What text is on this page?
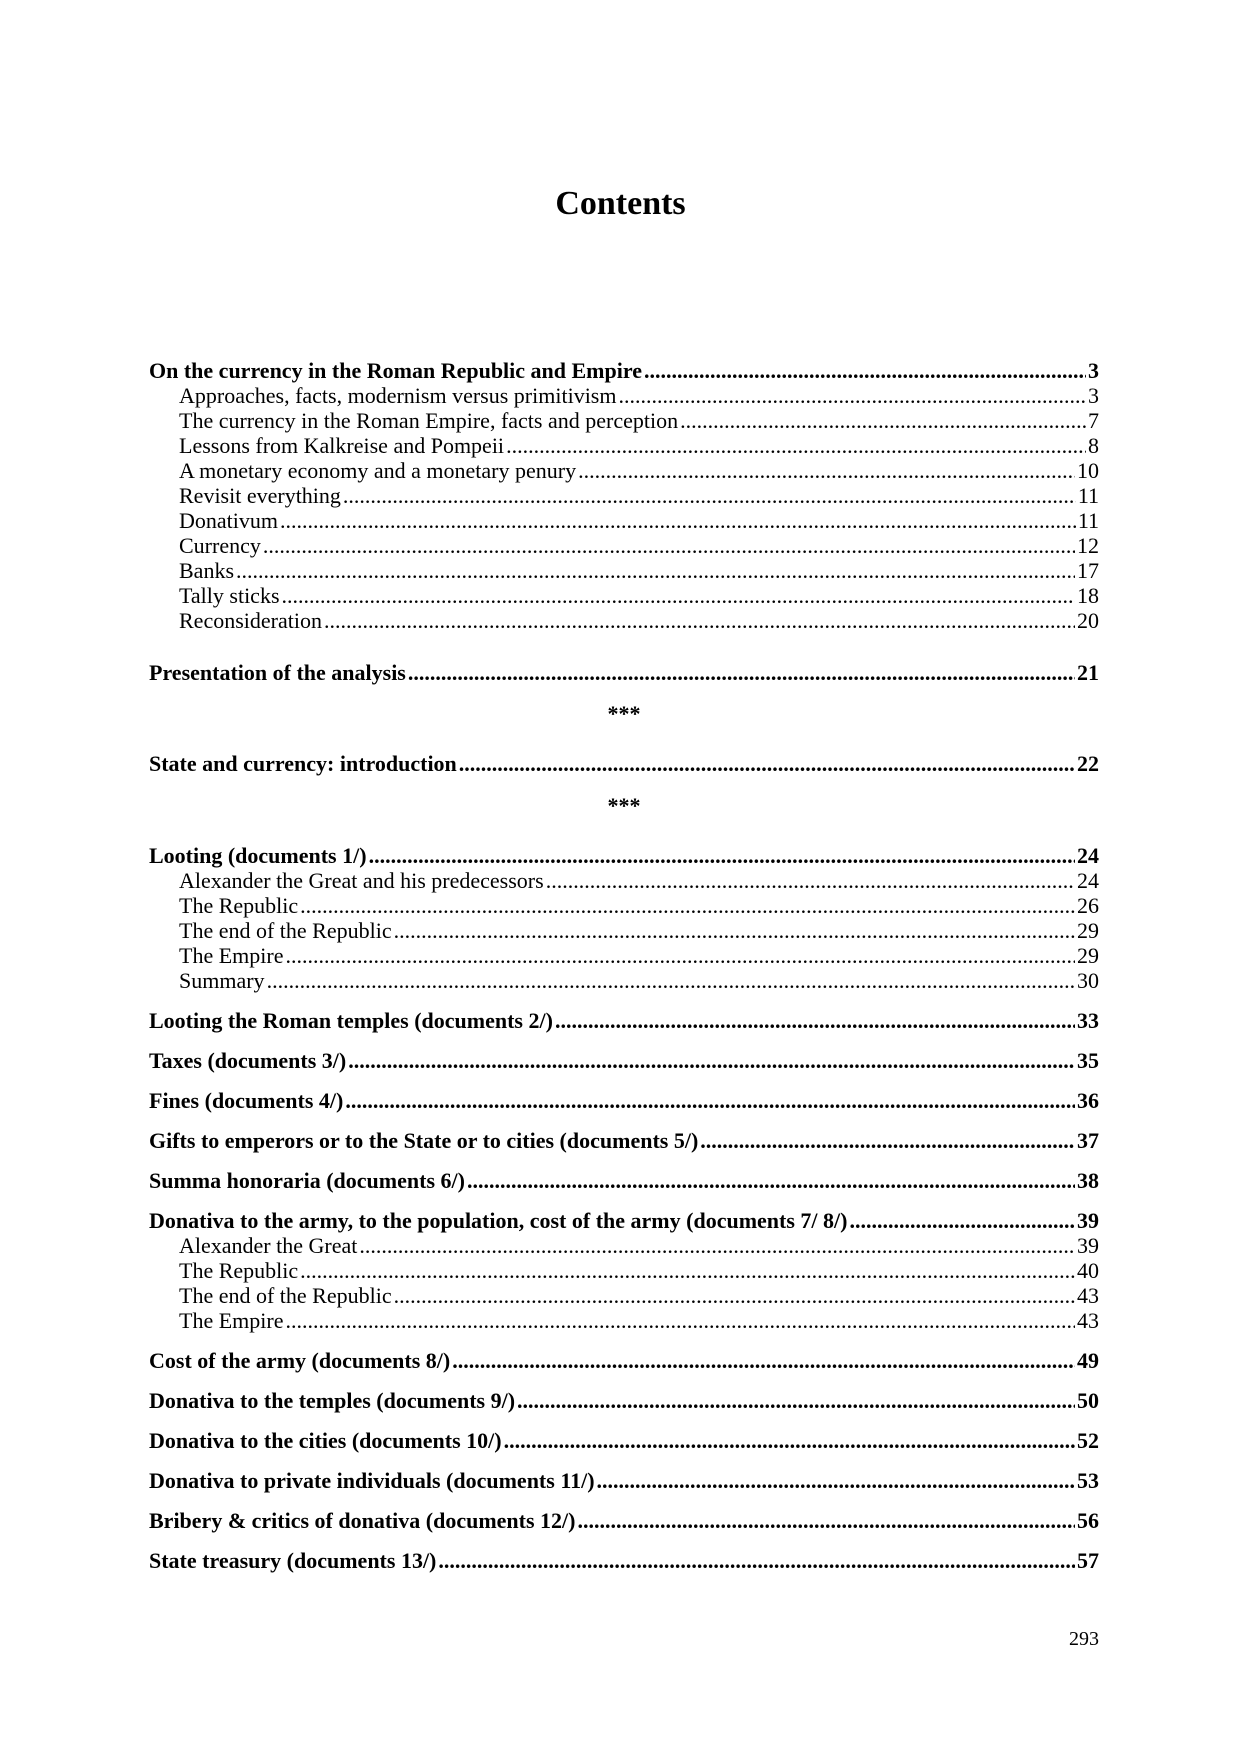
Contents
On the currency in the Roman Republic and Empire .....	3
Approaches, facts, modernism versus primitivism .....	3
The currency in the Roman Empire, facts and perception .....	7
Lessons from Kalkreise and Pompeii .....	8
A monetary economy and a monetary penury .....	10
Revisit everything .....	11
Donativum .....	11
Currency .....	12
Banks .....	17
Tally sticks .....	18
Reconsideration .....	20
Presentation of the analysis .....	21
***
State and currency: introduction .....	22
***
Looting (documents 1/) .....	24
Alexander the Great and his predecessors .....	24
The Republic .....	26
The end of the Republic .....	29
The Empire .....	29
Summary .....	30
Looting the Roman temples (documents 2/) .....	33
Taxes (documents 3/) .....	35
Fines (documents 4/) .....	36
Gifts to emperors or to the State or to cities (documents 5/) .....	37
Summa honoraria (documents 6/) .....	38
Donativa to the army, to the population, cost of the army (documents 7/ 8/) .....	39
Alexander the Great .....	39
The Republic .....	40
The end of the Republic .....	43
The Empire .....	43
Cost of the army (documents 8/) .....	49
Donativa to the temples (documents 9/) .....	50
Donativa to the cities (documents 10/) .....	52
Donativa to private individuals (documents 11/) .....	53
Bribery & critics of donativa (documents 12/) .....	56
State treasury (documents 13/) .....	57
293
